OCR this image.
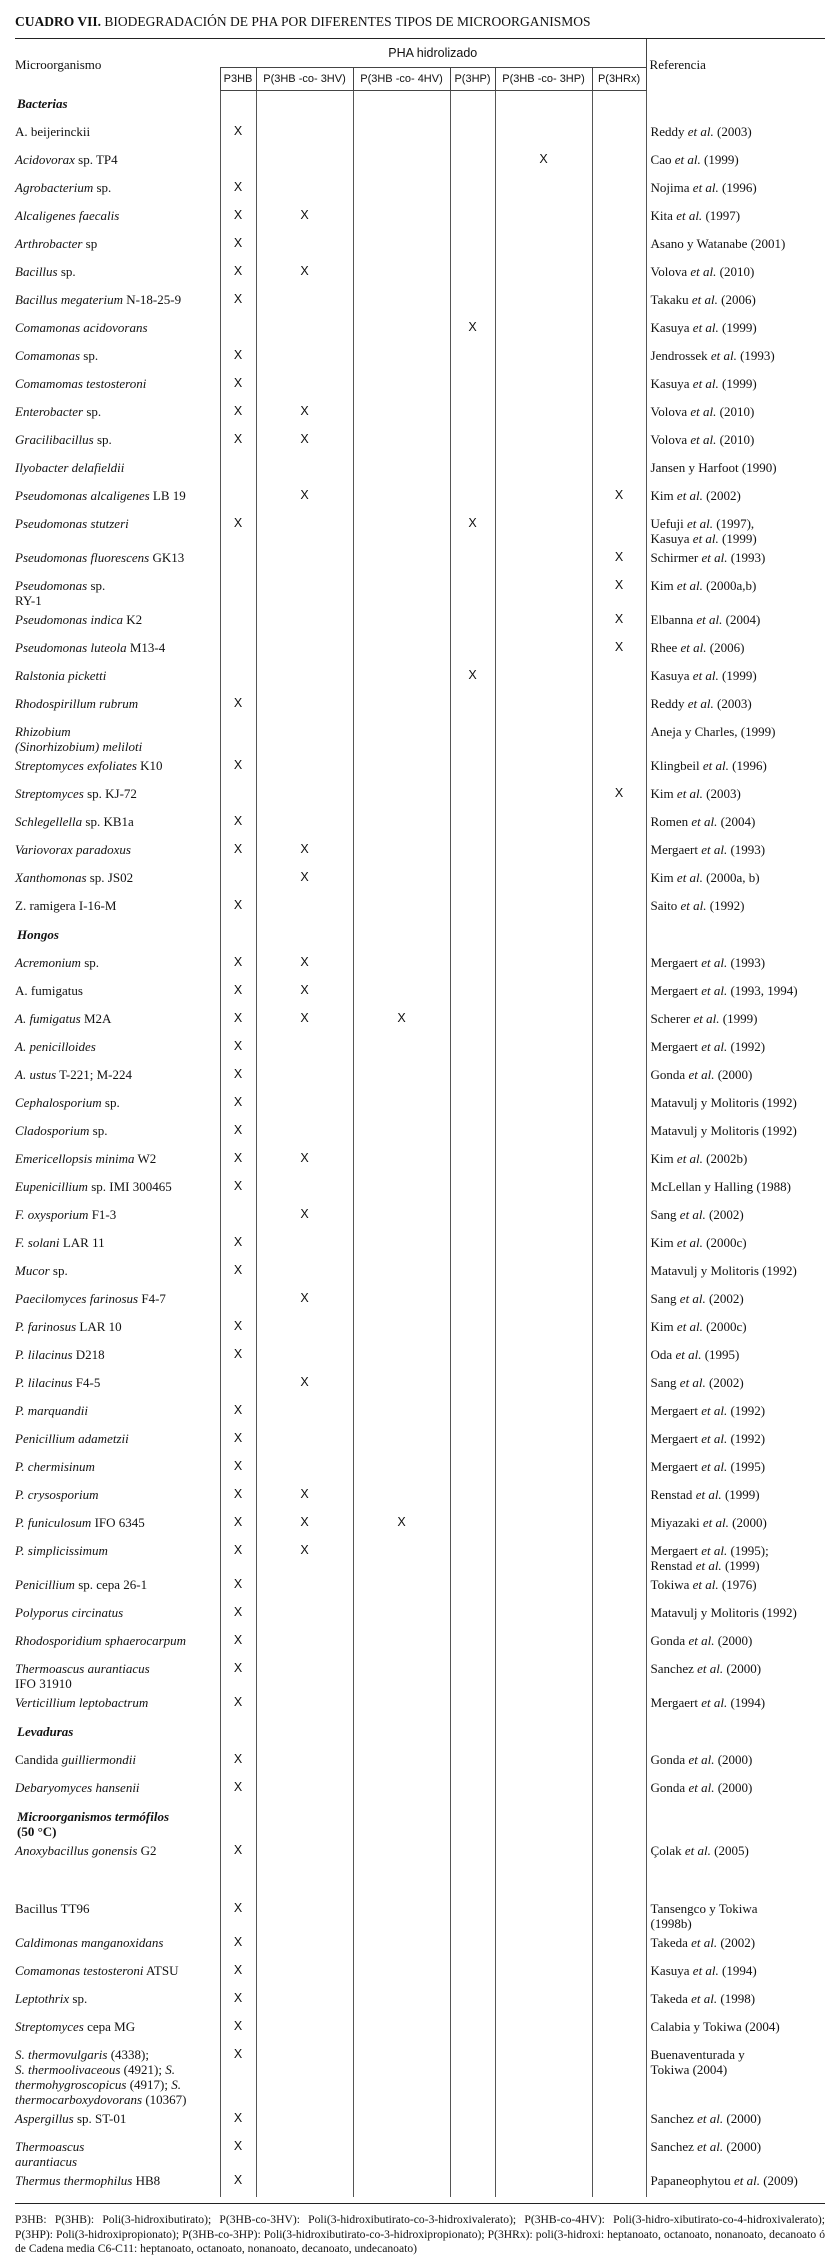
CUADRO VII. BIODEGRADACIÓN DE PHA POR DIFERENTES TIPOS DE MICROORGANISMOS
Microorganismo	PHA hidrolizado						Referencia
	P3HB	P(3HB -co- 3HV)	P(3HB -co- 4HV)	P(3HP)	P(3HB -co- 3HP)	P(3HRx)	
Bacterias							
A. beijerinckii	X						Reddy et al. (2003)
Acidovorax sp. TP4					X		Cao et al. (1999)
Agrobacterium sp.	X						Nojima et al. (1996)
Alcaligenes faecalis	X	X					Kita et al. (1997)
Arthrobacter sp	X						Asano y Watanabe (2001)
Bacillus sp.	X	X					Volova et al. (2010)
Bacillus megaterium N-18-25-9	X						Takaku et al. (2006)
Comamonas acidovorans				X			Kasuya et al. (1999)
Comamonas sp.	X						Jendrossek et al. (1993)
Comamomas testosteroni	X						Kasuya et al. (1999)
Enterobacter sp.	X	X					Volova et al. (2010)
Gracilibacillus sp.	X	X					Volova et al. (2010)
Ilyobacter delafieldii							Jansen y Harfoot (1990)
Pseudomonas alcaligenes LB 19		X				X	Kim et al. (2002)
Pseudomonas stutzeri	X			X			Uefuji et al. (1997),
Kasuya et al. (1999)
Pseudomonas fluorescens GK13						X	Schirmer et al. (1993)
Pseudomonas sp.
RY-1						X	Kim et al. (2000a,b)
Pseudomonas indica K2						X	Elbanna et al. (2004)
Pseudomonas luteola M13-4						X	Rhee et al. (2006)
Ralstonia picketti				X			Kasuya et al. (1999)
Rhodospirillum rubrum	X						Reddy et al. (2003)
Rhizobium
(Sinorhizobium) meliloti							Aneja y Charles, (1999)
Streptomyces exfoliates K10	X						Klingbeil et al. (1996)
Streptomyces sp. KJ-72						X	Kim et al. (2003)
Schlegellella sp. KB1a	X						Romen et al. (2004)
Variovorax paradoxus	X	X					Mergaert et al. (1993)
Xanthomonas sp. JS02		X					Kim et al. (2000a, b)
Z. ramigera I-16-M	X						Saito et al. (1992)
Hongos							
Acremonium sp.	X	X					Mergaert et al. (1993)
A. fumigatus	X	X					Mergaert et al. (1993, 1994)
A. fumigatus M2A	X	X	X				Scherer et al. (1999)
A. penicilloides	X						Mergaert et al. (1992)
A. ustus T-221; M-224	X						Gonda et al. (2000)
Cephalosporium sp.	X						Matavulj y Molitoris (1992)
Cladosporium sp.	X						Matavulj y Molitoris (1992)
Emericellopsis minima W2	X	X					Kim et al. (2002b)
Eupenicillium sp. IMI 300465	X						McLellan y Halling (1988)
F. oxysporium F1-3		X					Sang et al. (2002)
F. solani LAR 11	X						Kim et al. (2000c)
Mucor sp.	X						Matavulj y Molitoris (1992)
Paecilomyces farinosus F4-7		X					Sang et al. (2002)
P. farinosus LAR 10	X						Kim et al. (2000c)
P. lilacinus D218	X						Oda et al. (1995)
P. lilacinus F4-5		X					Sang et al. (2002)
P. marquandii	X						Mergaert et al. (1992)
Penicillium adametzii	X						Mergaert et al. (1992)
P. chermisinum	X						Mergaert et al. (1995)
P. crysosporium	X	X					Renstad et al. (1999)
P. funiculosum IFO 6345	X	X	X				Miyazaki et al. (2000)
P. simplicissimum	X	X					Mergaert et al. (1995);
Renstad et al. (1999)
Penicillium sp. cepa 26-1	X						Tokiwa et al. (1976)
Polyporus circinatus	X						Matavulj y Molitoris (1992)
Rhodosporidium sphaerocarpum	X						Gonda et al. (2000)
Thermoascus aurantiacus
IFO 31910	X						Sanchez et al. (2000)
Verticillium leptobactrum	X						Mergaert et al. (1994)
Levaduras							
Candida guilliermondii	X						Gonda et al. (2000)
Debaryomyces hansenii	X						Gonda et al. (2000)
Microorganismos termófilos
(50 °C)							
Anoxybacillus gonensis G2	X						Çolak et al. (2005)
Bacillus TT96	X						Tansengco y Tokiwa
(1998b)
Caldimonas manganoxidans	X						Takeda et al. (2002)
Comamonas testosteroni ATSU	X						Kasuya et al. (1994)
Leptothrix sp.	X						Takeda et al. (1998)
Streptomyces cepa MG	X						Calabia y Tokiwa (2004)
S. thermovulgaris (4338);
S. thermoolivaceous (4921); S. thermohygroscopicus (4917); S. thermocarboxydovorans (10367)	X						Buenaventurada y
Tokiwa (2004)
Aspergillus sp. ST-01	X						Sanchez et al. (2000)
Thermoascus
aurantiacus	X						Sanchez et al. (2000)
Thermus thermophilus HB8	X						Papaneophytou et al. (2009)
P3HB: P(3HB): Poli(3-hidroxibutirato); P(3HB-co-3HV): Poli(3-hidroxibutirato-co-3-hidroxivalerato); P(3HB-co-4HV): Poli(3-hidro-xibutirato-co-4-hidroxivalerato); P(3HP): Poli(3-hidroxipropionato); P(3HB-co-3HP): Poli(3-hidroxibutirato-co-3-hidroxipropionato); P(3HRx): poli(3-hidroxi: heptanoato, octanoato, nonanoato, decanoato ó de Cadena media C6-C11: heptanoato, octanoato, nonanoato, decanoato, undecanoato)
